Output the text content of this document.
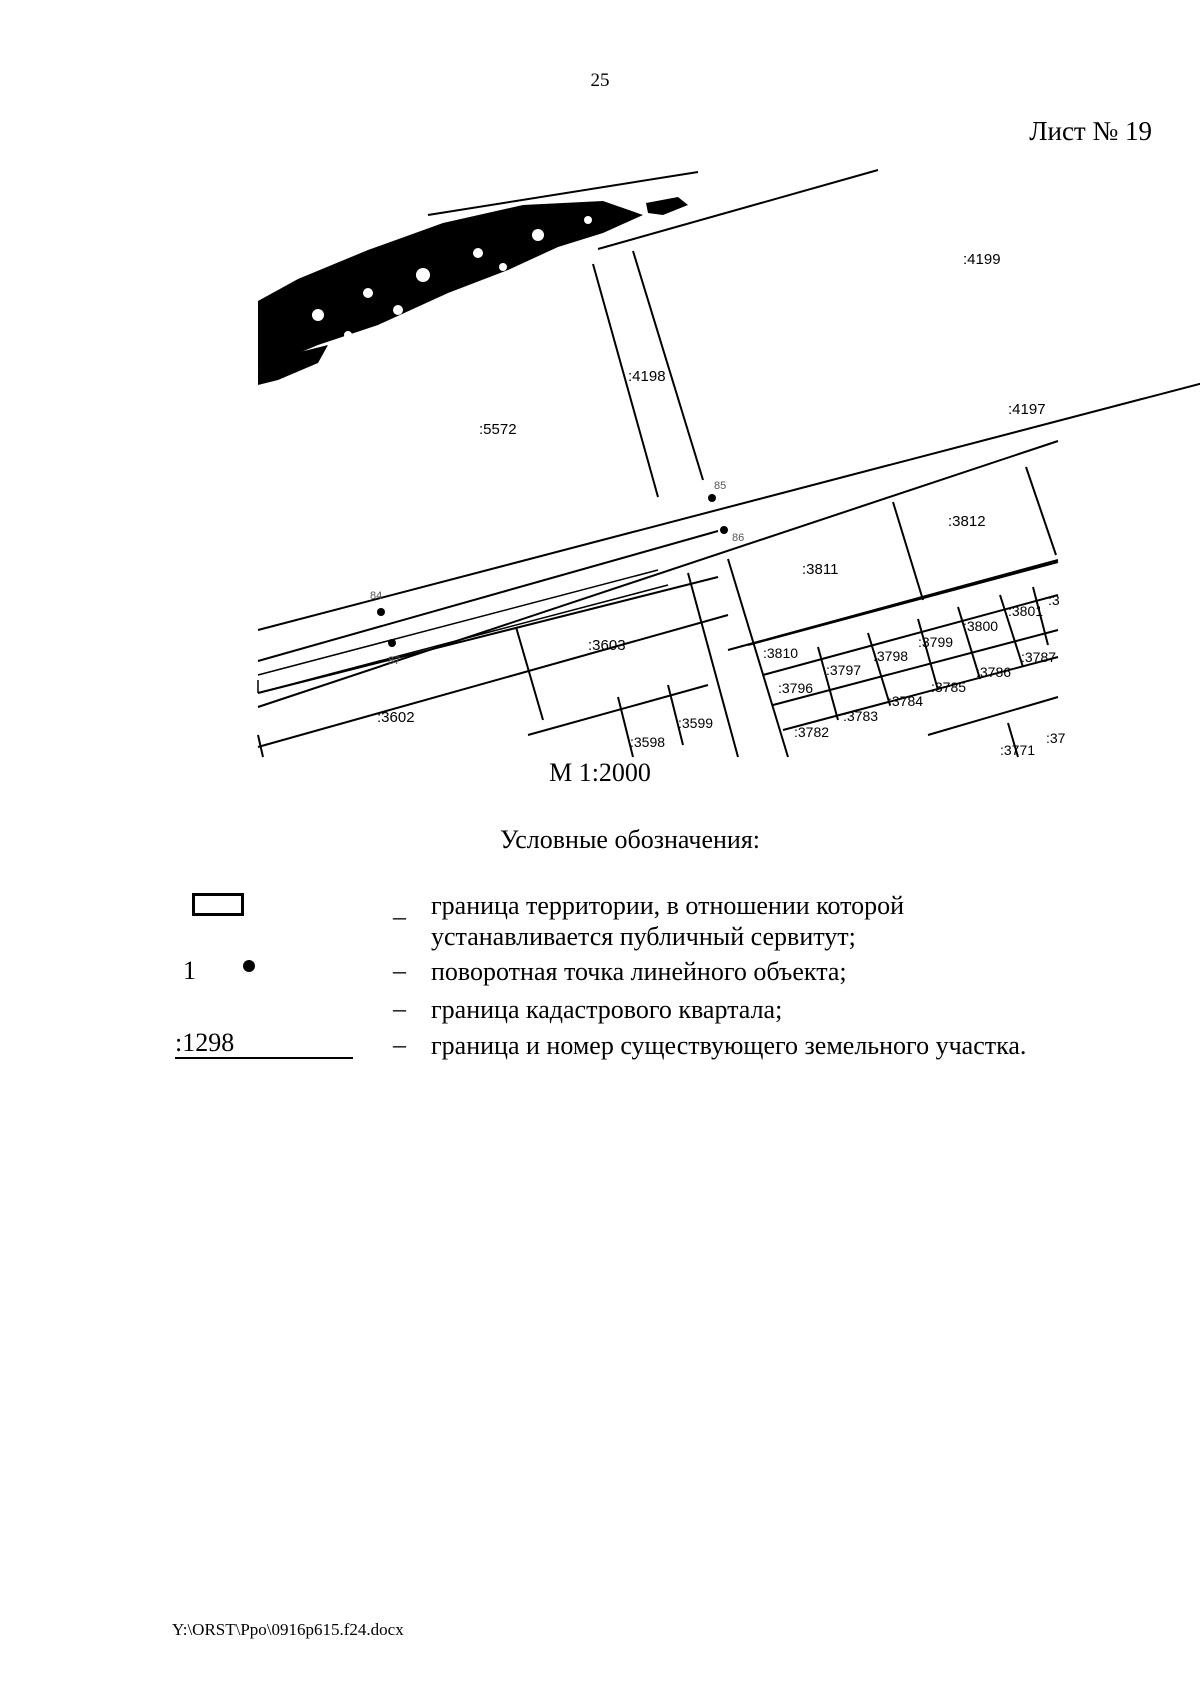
25
Лист № 19
84
85
86
87
:4199
:4198
:4197
:5572
:3812
:3811
:3603
:3602
:3801
:3800
:3799
:3798
:3797
:3796
:3810	:3787
:3786
:3785
:3784
:3783
:3782
:3599
:3598	:3771
:3
:37
М 1:2000
Условные обозначения:
– граница территории, в отношении которой
устанавливается публичный сервитут;
1	– поворотная точка линейного объекта;
– граница кадастрового квартала;
:1298	– граница и номер существующего земельного участка.
Y:\ORST\Ppo\0916p615.f24.docx
